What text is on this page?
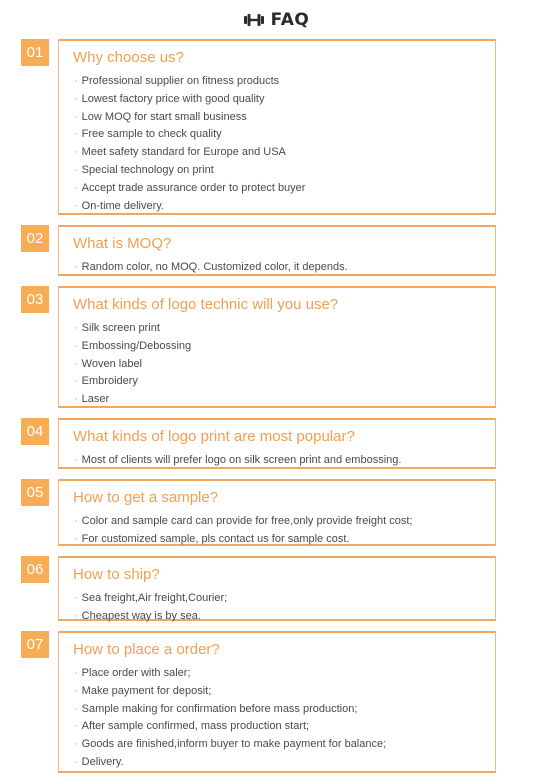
FAQ
01	Why choose us?
· Professional supplier on fitness products
· Lowest factory price with good quality
· Low MOQ for start small business
· Free sample to check quality
· Meet safety standard for Europe and USA
· Special technology on print
· Accept trade assurance order to protect buyer
· On-time delivery.
02	What is MOQ?
· Random color, no MOQ. Customized color, it depends.
03	What kinds of logo technic will you use?
· Silk screen print
· Embossing/Debossing
· Woven label
· Embroidery
· Laser
04	What kinds of logo print are most popular?
· Most of clients will prefer logo on silk screen print and embossing.
05	How to get a sample?
· Color and sample card can provide for free,only provide freight cost;
· For customized sample, pls contact us for sample cost.
06	How to ship?
· Sea freight,Air freight,Courier;
· Cheapest way is by sea.
07	How to place a order?
· Place order with saler;
· Make payment for deposit;
· Sample making for confirmation before mass production;
· After sample confirmed, mass production start;
· Goods are finished,inform buyer to make payment for balance;
· Delivery.
